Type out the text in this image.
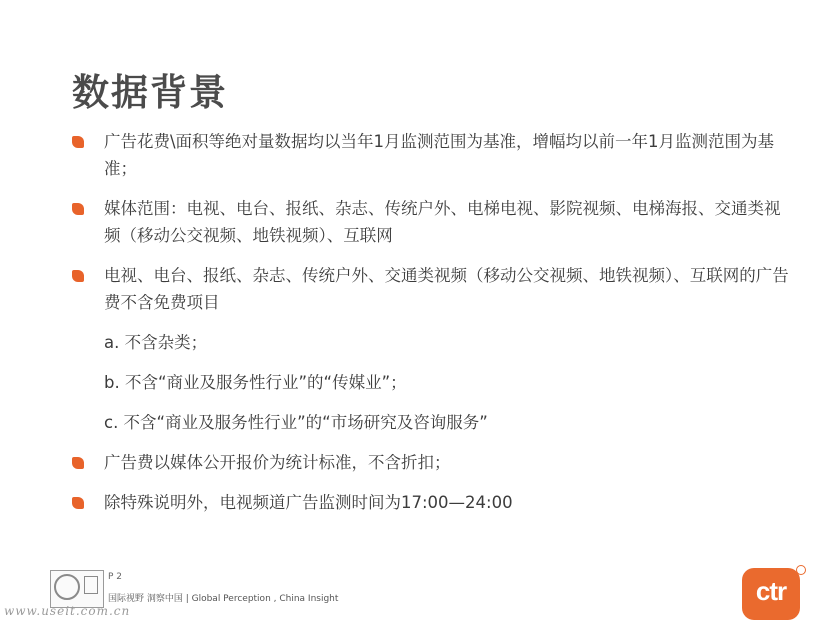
数据背景
广告花费\面积等绝对量数据均以当年1月监测范围为基准，增幅均以前一年1月监测范围为基准；
媒体范围：电视、电台、报纸、杂志、传统户外、电梯电视、影院视频、电梯海报、交通类视频（移动公交视频、地铁视频）、互联网
电视、电台、报纸、杂志、传统户外、交通类视频（移动公交视频、地铁视频）、互联网的广告费不含免费项目
a. 不含杂类；
b. 不含“商业及服务性行业”的“传媒业”；
c. 不含“商业及服务性行业”的“市场研究及咨询服务”
广告费以媒体公开报价为统计标准，不含折扣；
除特殊说明外，电视频道广告监测时间为17:00—24:00
P 2
国际视野 洞察中国 | Global Perception , China Insight
www.useit.com.cn
ctr
